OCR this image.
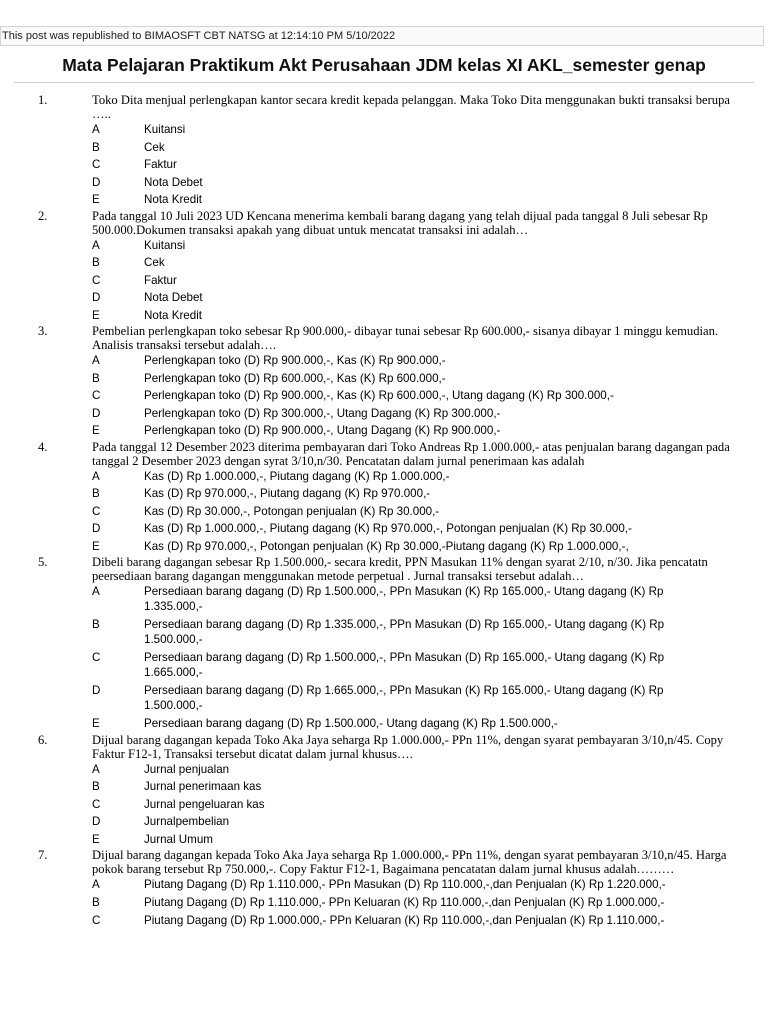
This post was republished to BIMAOSFT CBT NATSG at 12:14:10 PM 5/10/2022
Mata Pelajaran Praktikum Akt Perusahaan JDM kelas XI AKL_semester genap
1.	Toko Dita menjual perlengkapan kantor secara kredit kepada pelanggan. Maka Toko Dita menggunakan bukti transaksi berupa …..
A	Kuitansi
B	Cek
C	Faktur
D	Nota Debet
E	Nota Kredit
2.	Pada tanggal 10 Juli 2023 UD Kencana menerima kembali barang dagang yang telah dijual pada tanggal 8 Juli sebesar Rp 500.000.Dokumen transaksi apakah yang dibuat untuk mencatat transaksi ini adalah…
A	Kuitansi
B	Cek
C	Faktur
D	Nota Debet
E	Nota Kredit
3.	Pembelian perlengkapan toko sebesar Rp 900.000,- dibayar tunai sebesar Rp 600.000,- sisanya dibayar 1 minggu kemudian. Analisis transaksi tersebut adalah….
A	Perlengkapan toko (D) Rp 900.000,-, Kas (K) Rp 900.000,-
B	Perlengkapan toko (D) Rp 600.000,-, Kas (K) Rp 600.000,-
C	Perlengkapan toko (D) Rp 900.000,-, Kas (K) Rp 600.000,-, Utang dagang (K) Rp 300.000,-
D	Perlengkapan toko (D) Rp 300.000,-, Utang Dagang (K) Rp 300.000,-
E	Perlengkapan toko (D) Rp 900.000,-, Utang Dagang (K) Rp 900.000,-
4.	Pada tanggal 12 Desember 2023 diterima pembayaran dari Toko Andreas Rp 1.000.000,- atas penjualan barang dagangan pada tanggal 2 Desember 2023 dengan syrat 3/10,n/30. Pencatatan dalam jurnal penerimaan kas adalah
A	Kas (D) Rp 1.000.000,-, Piutang dagang (K) Rp 1.000.000,-
B	Kas (D) Rp 970.000,-, Piutang dagang (K) Rp 970.000,-
C	Kas (D) Rp 30.000,-, Potongan penjualan (K) Rp 30.000,-
D	Kas (D) Rp 1.000.000,-, Piutang dagang (K) Rp 970.000,-, Potongan penjualan (K) Rp 30.000,-
E	Kas (D) Rp 970.000,-, Potongan penjualan (K) Rp 30.000,-Piutang dagang (K) Rp 1.000.000,-,
5.	Dibeli barang dagangan sebesar Rp 1.500.000,- secara kredit, PPN Masukan 11% dengan syarat 2/10, n/30. Jika pencatatn peersediaan barang dagangan menggunakan metode perpetual . Jurnal transaksi tersebut adalah…
A	Persediaan barang dagang (D) Rp 1.500.000,-, PPn Masukan (K) Rp 165.000,- Utang dagang (K) Rp 1.335.000,-
B	Persediaan barang dagang (D) Rp 1.335.000,-, PPn Masukan (D) Rp 165.000,- Utang dagang (K) Rp 1.500.000,-
C	Persediaan barang dagang (D) Rp 1.500.000,-, PPn Masukan (D) Rp 165.000,- Utang dagang (K) Rp 1.665.000,-
D	Persediaan barang dagang (D) Rp 1.665.000,-, PPn Masukan (K) Rp 165.000,- Utang dagang (K) Rp 1.500.000,-
E	Persediaan barang dagang (D) Rp 1.500.000,- Utang dagang (K) Rp 1.500.000,-
6.	Dijual barang dagangan kepada Toko Aka Jaya seharga Rp 1.000.000,- PPn 11%, dengan syarat pembayaran 3/10,n/45. Copy Faktur F12-1, Transaksi tersebut dicatat dalam jurnal khusus….
A	Jurnal penjualan
B	Jurnal penerimaan kas
C	Jurnal pengeluaran kas
D	Jurnalpembelian
E	Jurnal Umum
7.	Dijual barang dagangan kepada Toko Aka Jaya seharga Rp 1.000.000,- PPn 11%, dengan syarat pembayaran 3/10,n/45. Harga pokok barang tersebut Rp 750.000,-. Copy Faktur F12-1, Bagaimana pencatatan dalam jurnal khusus adalah………
A	Piutang Dagang (D) Rp 1.110.000,- PPn Masukan (D) Rp 110.000,-,dan Penjualan (K) Rp 1.220.000,-
B	Piutang Dagang (D) Rp 1.110.000,- PPn Keluaran (K) Rp 110.000,-,dan Penjualan (K) Rp 1.000.000,-
C	Piutang Dagang (D) Rp 1.000.000,- PPn Keluaran (K) Rp 110.000,-,dan Penjualan (K) Rp 1.110.000,-
